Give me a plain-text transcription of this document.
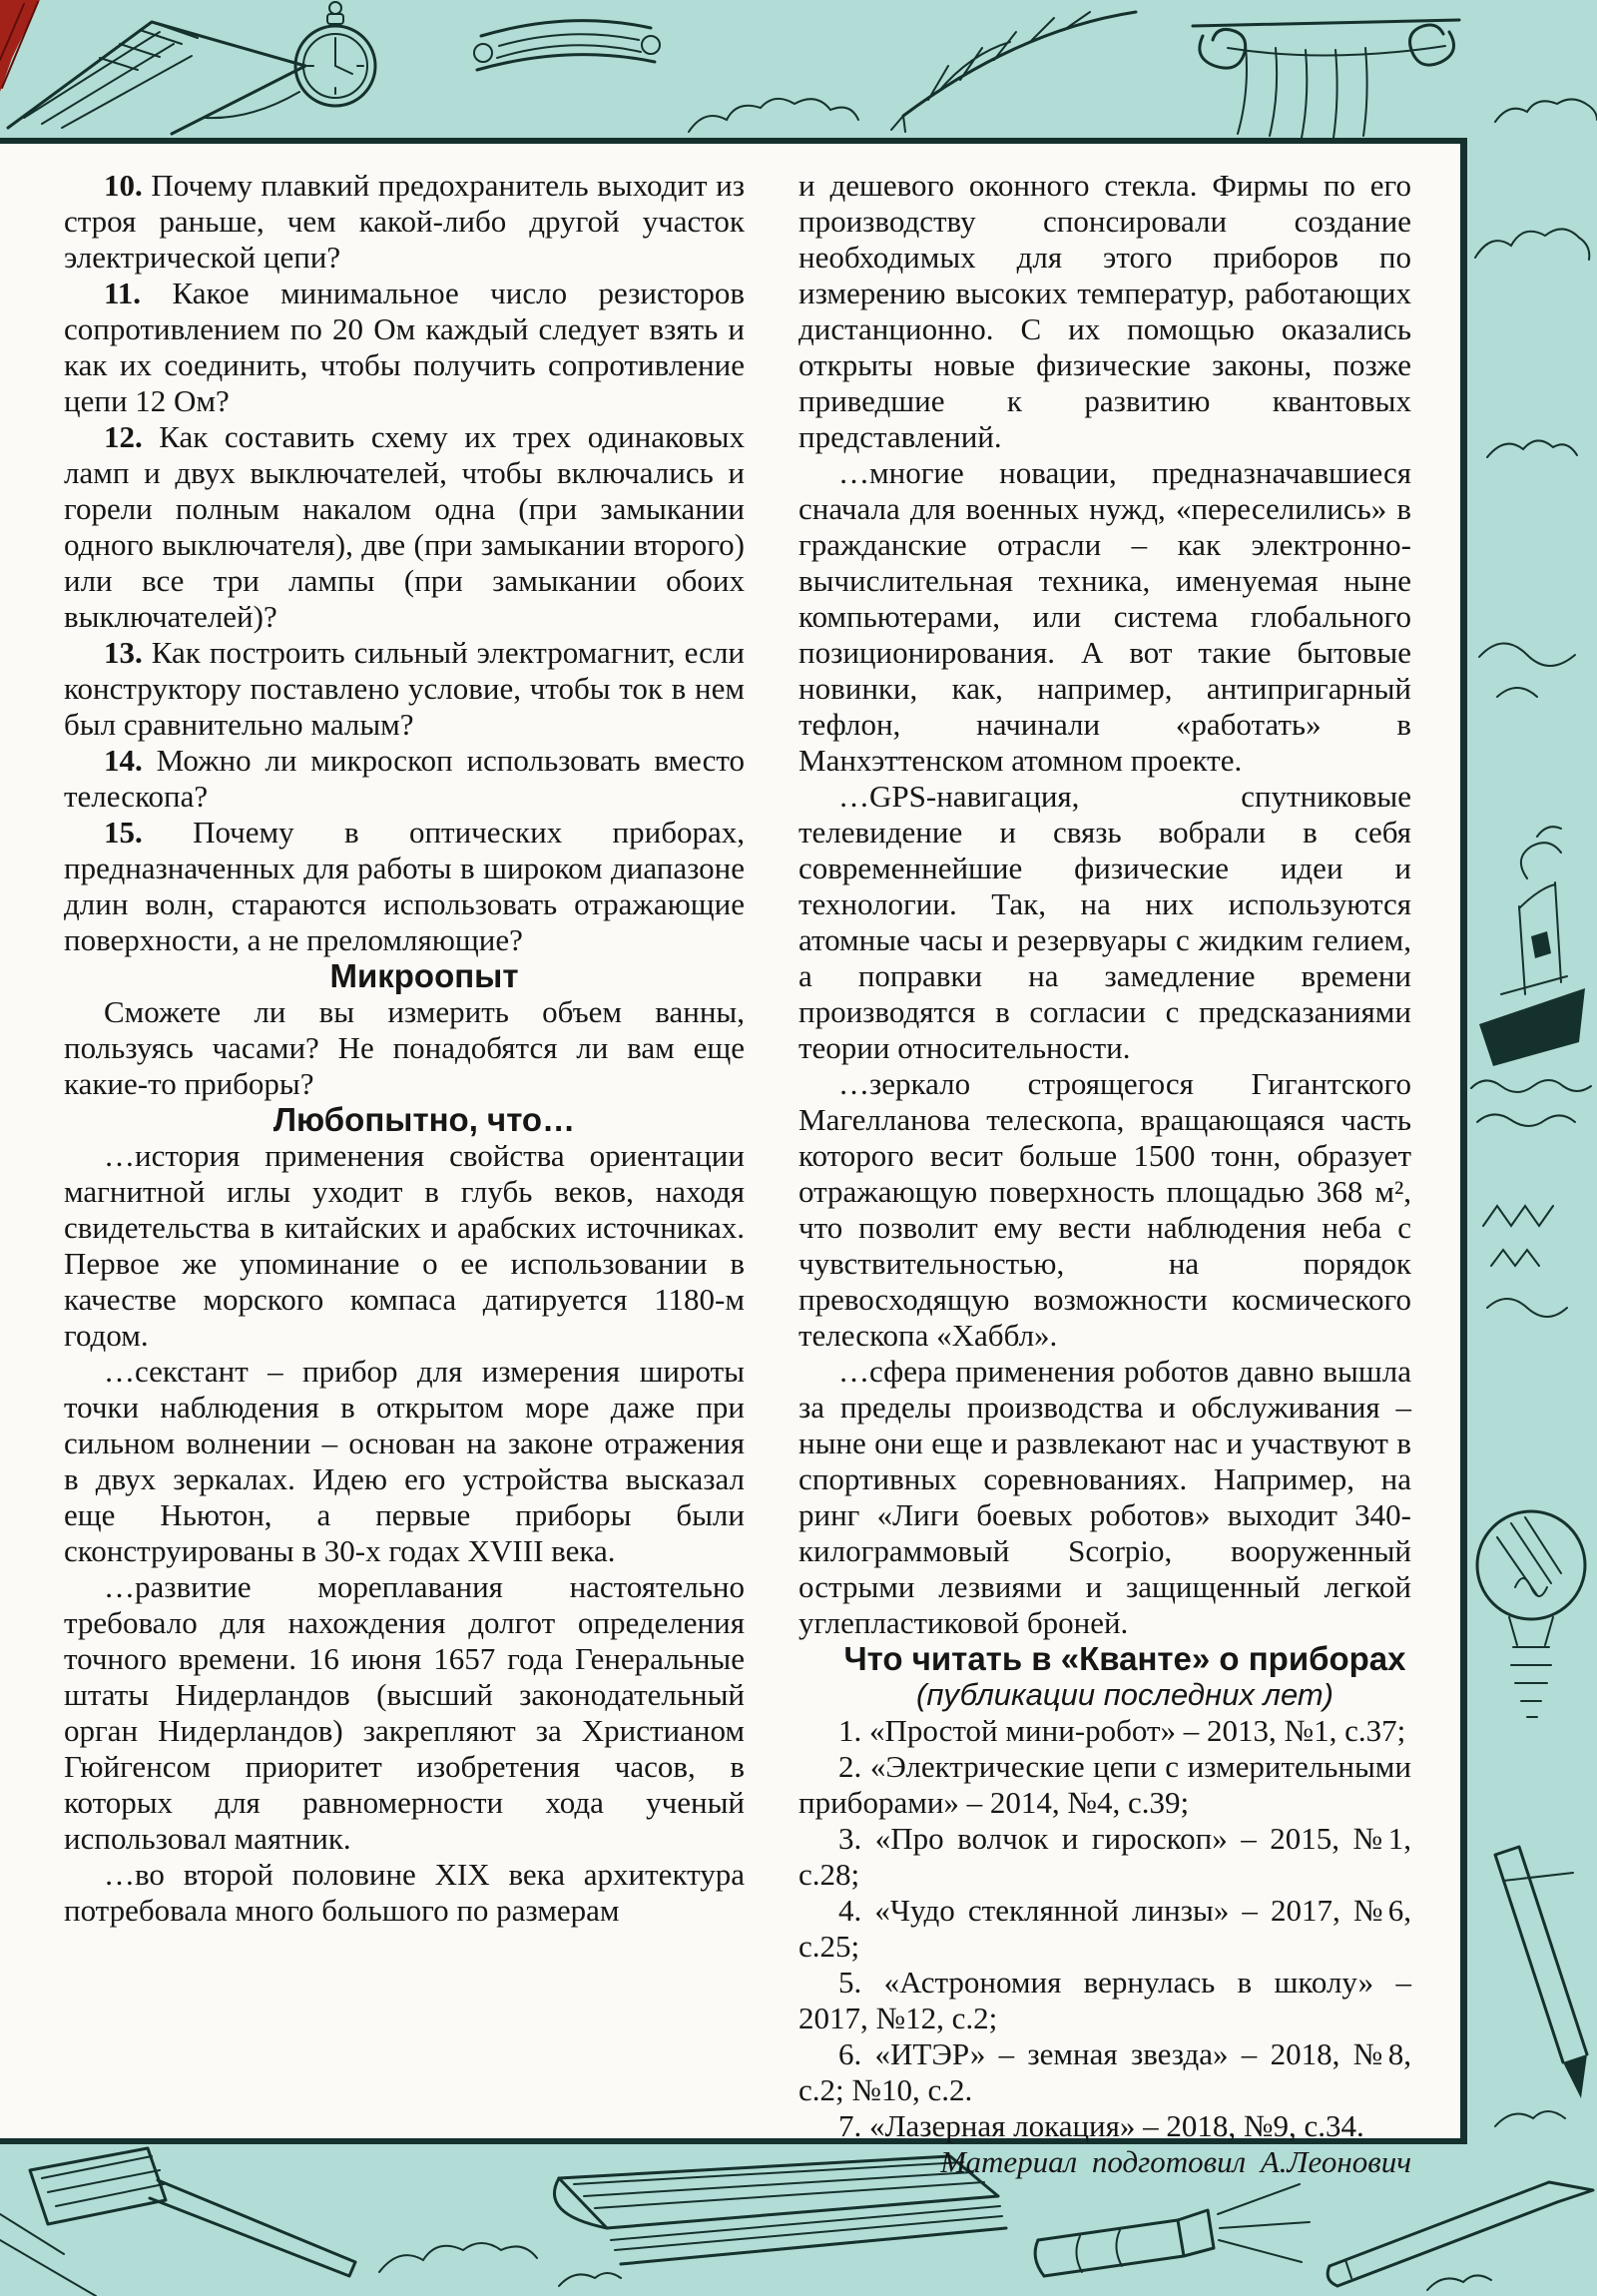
10. Почему плавкий предохранитель выходит из строя раньше, чем какой-либо другой участок электрической цепи?

11. Какое минимальное число резисторов сопротивлением по 20 Ом каждый следует взять и как их соединить, чтобы получить сопротивление цепи 12 Ом?

12. Как составить схему их трех одинаковых ламп и двух выключателей, чтобы включались и горели полным накалом одна (при замыкании одного выключателя), две (при замыкании второго) или все три лампы (при замыкании обоих выключателей)?

13. Как построить сильный электромагнит, если конструктору поставлено условие, чтобы ток в нем был сравнительно малым?

14. Можно ли микроскоп использовать вместо телескопа?

15. Почему в оптических приборах, предназначенных для работы в широком диапазоне длин волн, стараются использовать отражающие поверхности, а не преломляющие?

Микроопыт

Сможете ли вы измерить объем ванны, пользуясь часами? Не понадобятся ли вам еще какие-то приборы?

Любопытно, что…

…история применения свойства ориентации магнитной иглы уходит в глубь веков, находя свидетельства в китайских и арабских источниках. Первое же упоминание о ее использовании в качестве морского компаса датируется 1180-м годом.

…секстант – прибор для измерения широты точки наблюдения в открытом море даже при сильном волнении – основан на законе отражения в двух зеркалах. Идею его устройства высказал еще Ньютон, а первые приборы были сконструированы в 30-х годах XVIII века.

…развитие мореплавания настоятельно требовало для нахождения долгот определения точного времени. 16 июня 1657 года Генеральные штаты Нидерландов (высший законодательный орган Нидерландов) закрепляют за Христианом Гюйгенсом приоритет изобретения часов, в которых для равномерности хода ученый использовал маятник.

…во второй половине XIX века архитектура потребовала много большого по размерам

и дешевого оконного стекла. Фирмы по его производству спонсировали создание необходимых для этого приборов по измерению высоких температур, работающих дистанционно. С их помощью оказались открыты новые физические законы, позже приведшие к развитию квантовых представлений.

…многие новации, предназначавшиеся сначала для военных нужд, «переселились» в гражданские отрасли – как электронно-вычислительная техника, именуемая ныне компьютерами, или система глобального позиционирования. А вот такие бытовые новинки, как, например, антипригарный тефлон, начинали «работать» в Манхэттенском атомном проекте.

…GPS-навигация, спутниковые телевидение и связь вобрали в себя современнейшие физические идеи и технологии. Так, на них используются атомные часы и резервуары с жидким гелием, а поправки на замедление времени производятся в согласии с предсказаниями теории относительности.

…зеркало строящегося Гигантского Магелланова телескопа, вращающаяся часть которого весит больше 1500 тонн, образует отражающую поверхность площадью 368 м², что позволит ему вести наблюдения неба с чувствительностью, на порядок превосходящую возможности космического телескопа «Хаббл».

…сфера применения роботов давно вышла за пределы производства и обслуживания – ныне они еще и развлекают нас и участвуют в спортивных соревнованиях. Например, на ринг «Лиги боевых роботов» выходит 340-килограммовый Scorpio, вооруженный острыми лезвиями и защищенный легкой углепластиковой броней.

Что читать в «Кванте» о приборах

(публикации последних лет)

1. «Простой мини-робот» – 2013, №1, с.37;

2. «Электрические цепи с измерительными приборами» – 2014, №4, с.39;

3. «Про волчок и гироскоп» – 2015, №1, с.28;

4. «Чудо стеклянной линзы» – 2017, №6, с.25;

5. «Астрономия вернулась в школу» – 2017, №12, с.2;

6. «ИТЭР» – земная звезда» – 2018, №8, с.2; №10, с.2.

7. «Лазерная локация» – 2018, №9, с.34.

Материал подготовил А.Леонович
